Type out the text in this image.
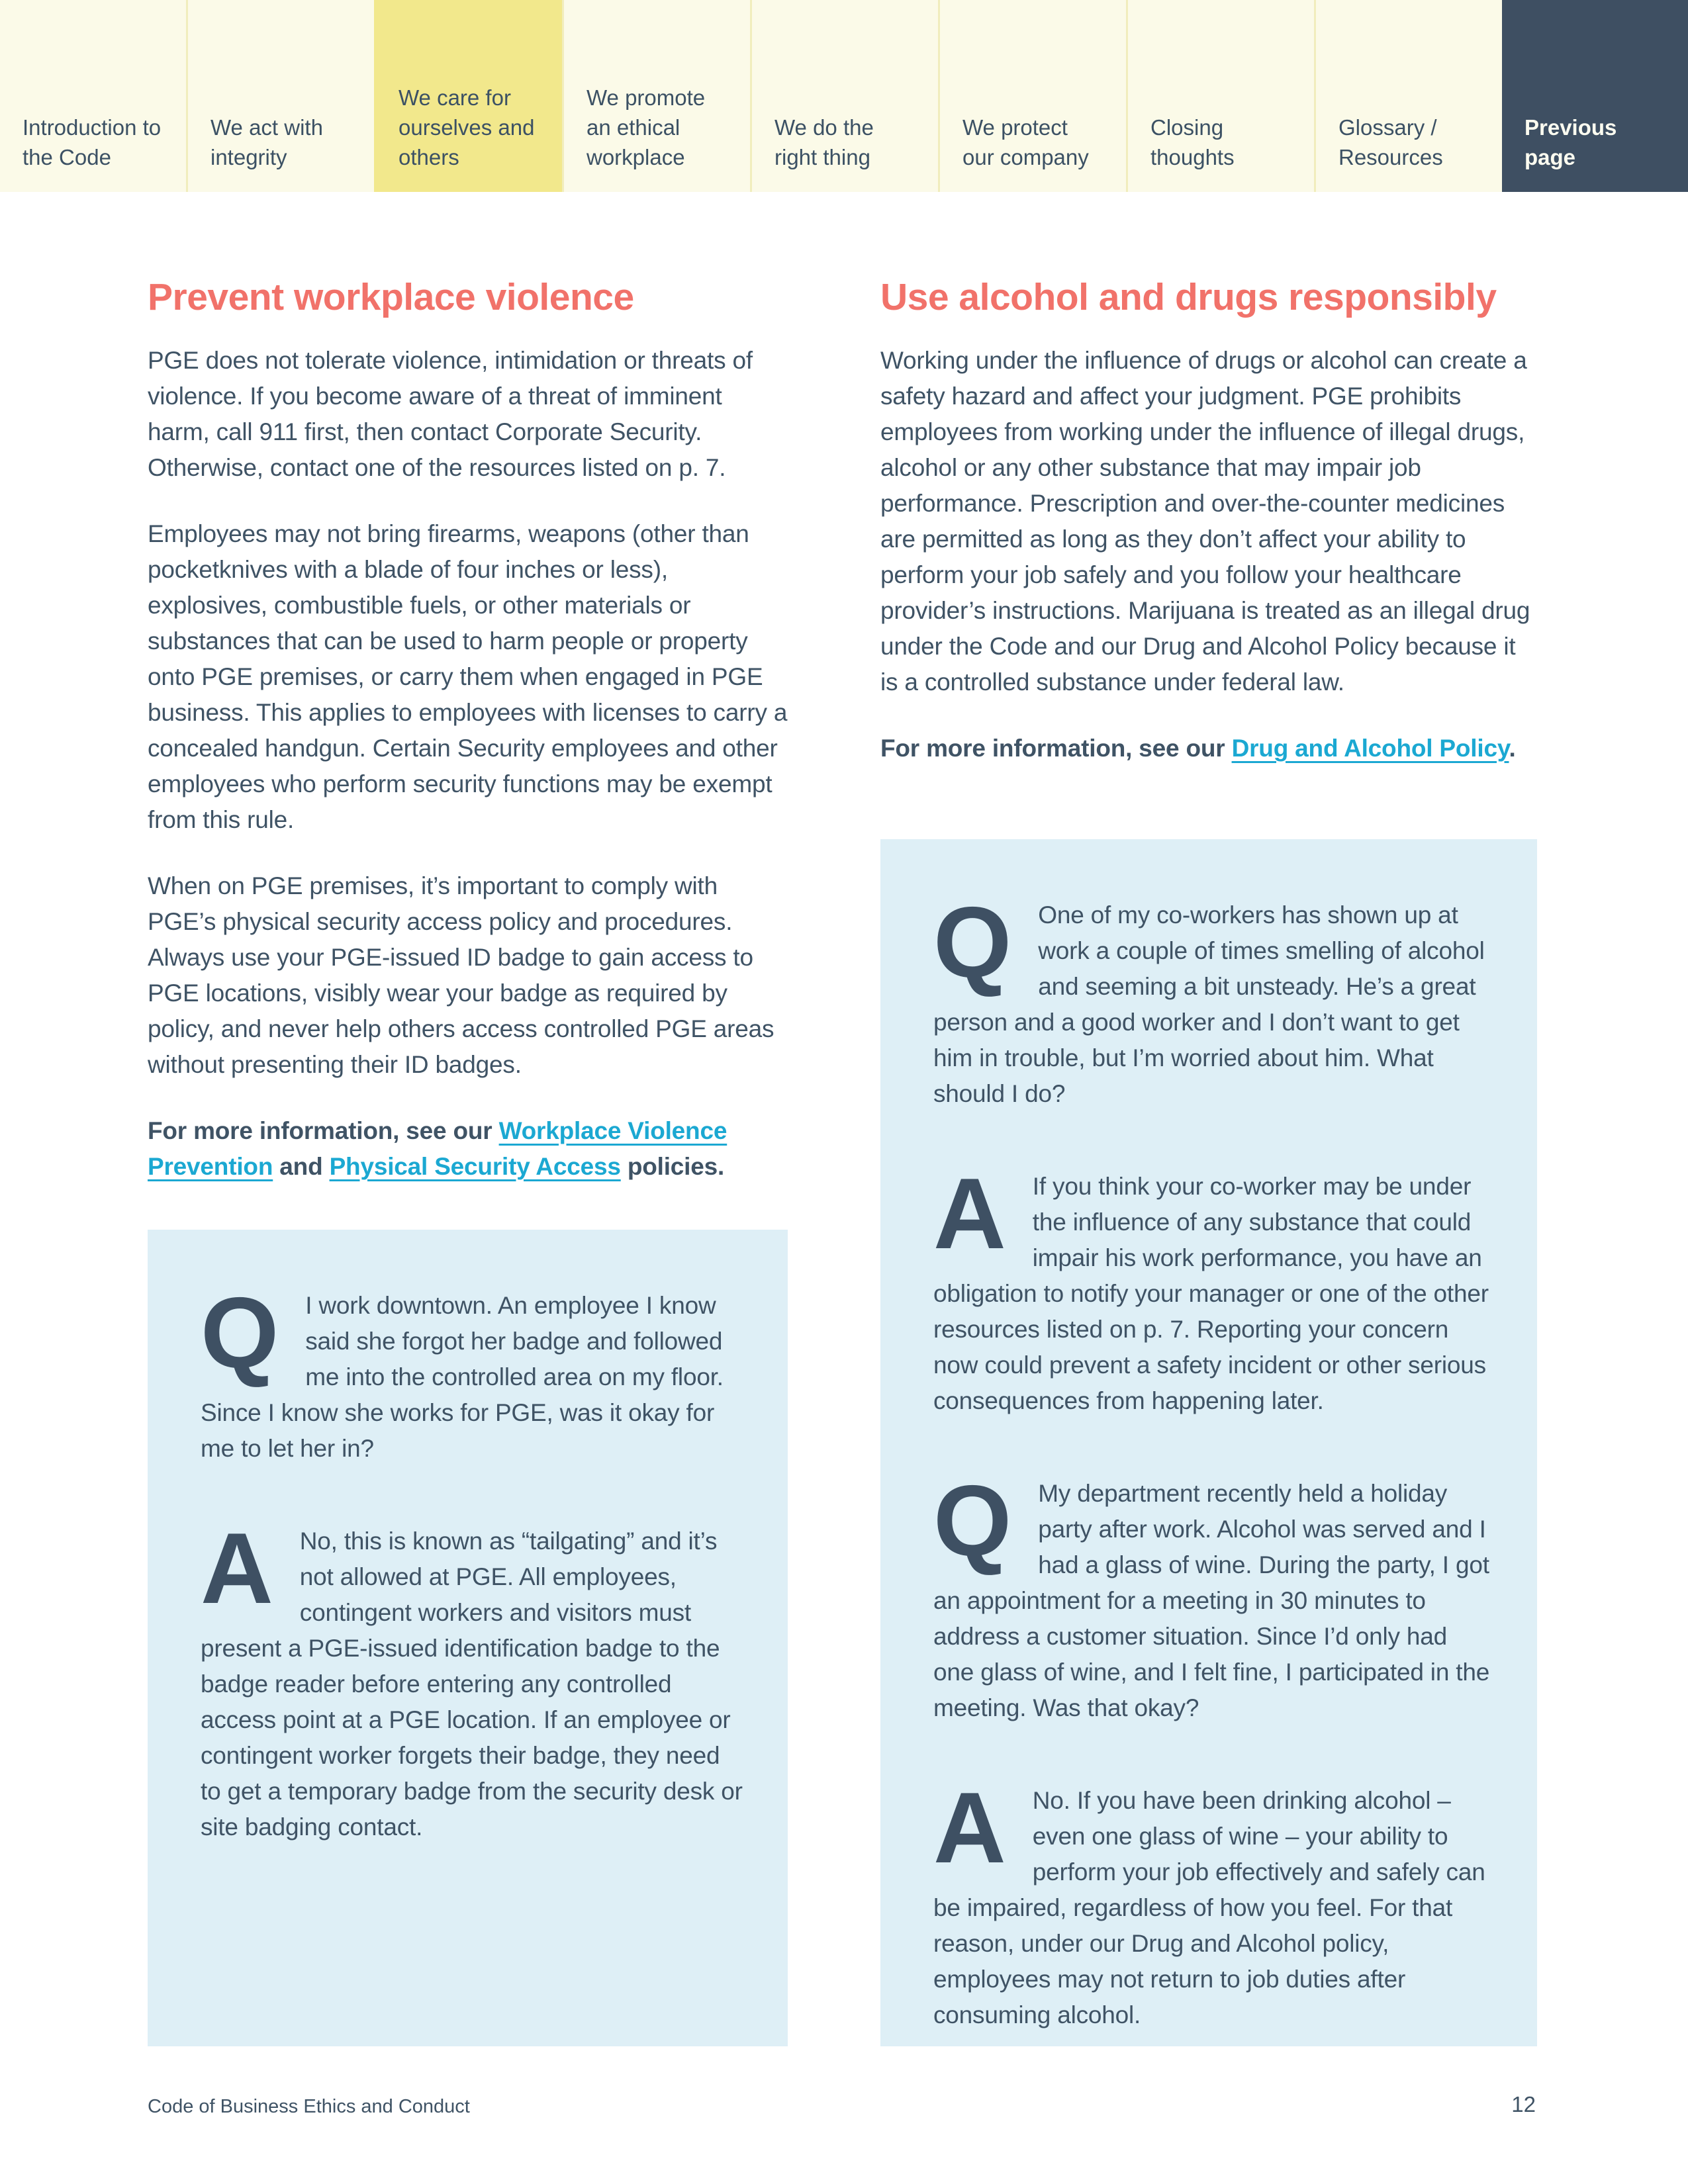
Introduction to the Code
We act with integrity
We care for ourselves and others
We promote an ethical workplace
We do the right thing
We protect our company
Closing thoughts
Glossary / Resources
Previous page
Prevent workplace violence

PGE does not tolerate violence, intimidation or threats of violence. If you become aware of a threat of imminent harm, call 911 first, then contact Corporate Security. Otherwise, contact one of the resources listed on p. 7.

Employees may not bring firearms, weapons (other than pocketknives with a blade of four inches or less), explosives, combustible fuels, or other materials or substances that can be used to harm people or property onto PGE premises, or carry them when engaged in PGE business. This applies to employees with licenses to carry a concealed handgun. Certain Security employees and other employees who perform security functions may be exempt from this rule.

When on PGE premises, it’s important to comply with PGE’s physical security access policy and procedures. Always use your PGE-issued ID badge to gain access to PGE locations, visibly wear your badge as required by policy, and never help others access controlled PGE areas without presenting their ID badges.

For more information, see our Workplace Violence Prevention and Physical Security Access policies.

Q	I work downtown. An employee I know said she forgot her badge and followed me into the controlled area on my floor. Since I know she works for PGE, was it okay for me to let her in?

A	No, this is known as “tailgating” and it’s not allowed at PGE. All employees, contingent workers and visitors must present a PGE-issued identification badge to the badge reader before entering any controlled access point at a PGE location. If an employee or contingent worker forgets their badge, they need to get a temporary badge from the security desk or site badging contact.

Use alcohol and drugs responsibly

Working under the influence of drugs or alcohol can create a safety hazard and affect your judgment. PGE prohibits employees from working under the influence of illegal drugs, alcohol or any other substance that may impair job performance. Prescription and over-the-counter medicines are permitted as long as they don’t affect your ability to perform your job safely and you follow your healthcare provider’s instructions. Marijuana is treated as an illegal drug under the Code and our Drug and Alcohol Policy because it is a controlled substance under federal law.

For more information, see our Drug and Alcohol Policy.

Q	One of my co-workers has shown up at work a couple of times smelling of alcohol and seeming a bit unsteady. He’s a great person and a good worker and I don’t want to get him in trouble, but I’m worried about him. What should I do?

A	If you think your co-worker may be under the influence of any substance that could impair his work performance, you have an obligation to notify your manager or one of the other resources listed on p. 7. Reporting your concern now could prevent a safety incident or other serious consequences from happening later.

Q	My department recently held a holiday party after work. Alcohol was served and I had a glass of wine. During the party, I got an appointment for a meeting in 30 minutes to address a customer situation. Since I’d only had one glass of wine, and I felt fine, I participated in the meeting. Was that okay?

A	No. If you have been drinking alcohol – even one glass of wine – your ability to perform your job effectively and safely can be impaired, regardless of how you feel. For that reason, under our Drug and Alcohol policy, employees may not return to job duties after consuming alcohol.

Code of Business Ethics and Conduct	12
